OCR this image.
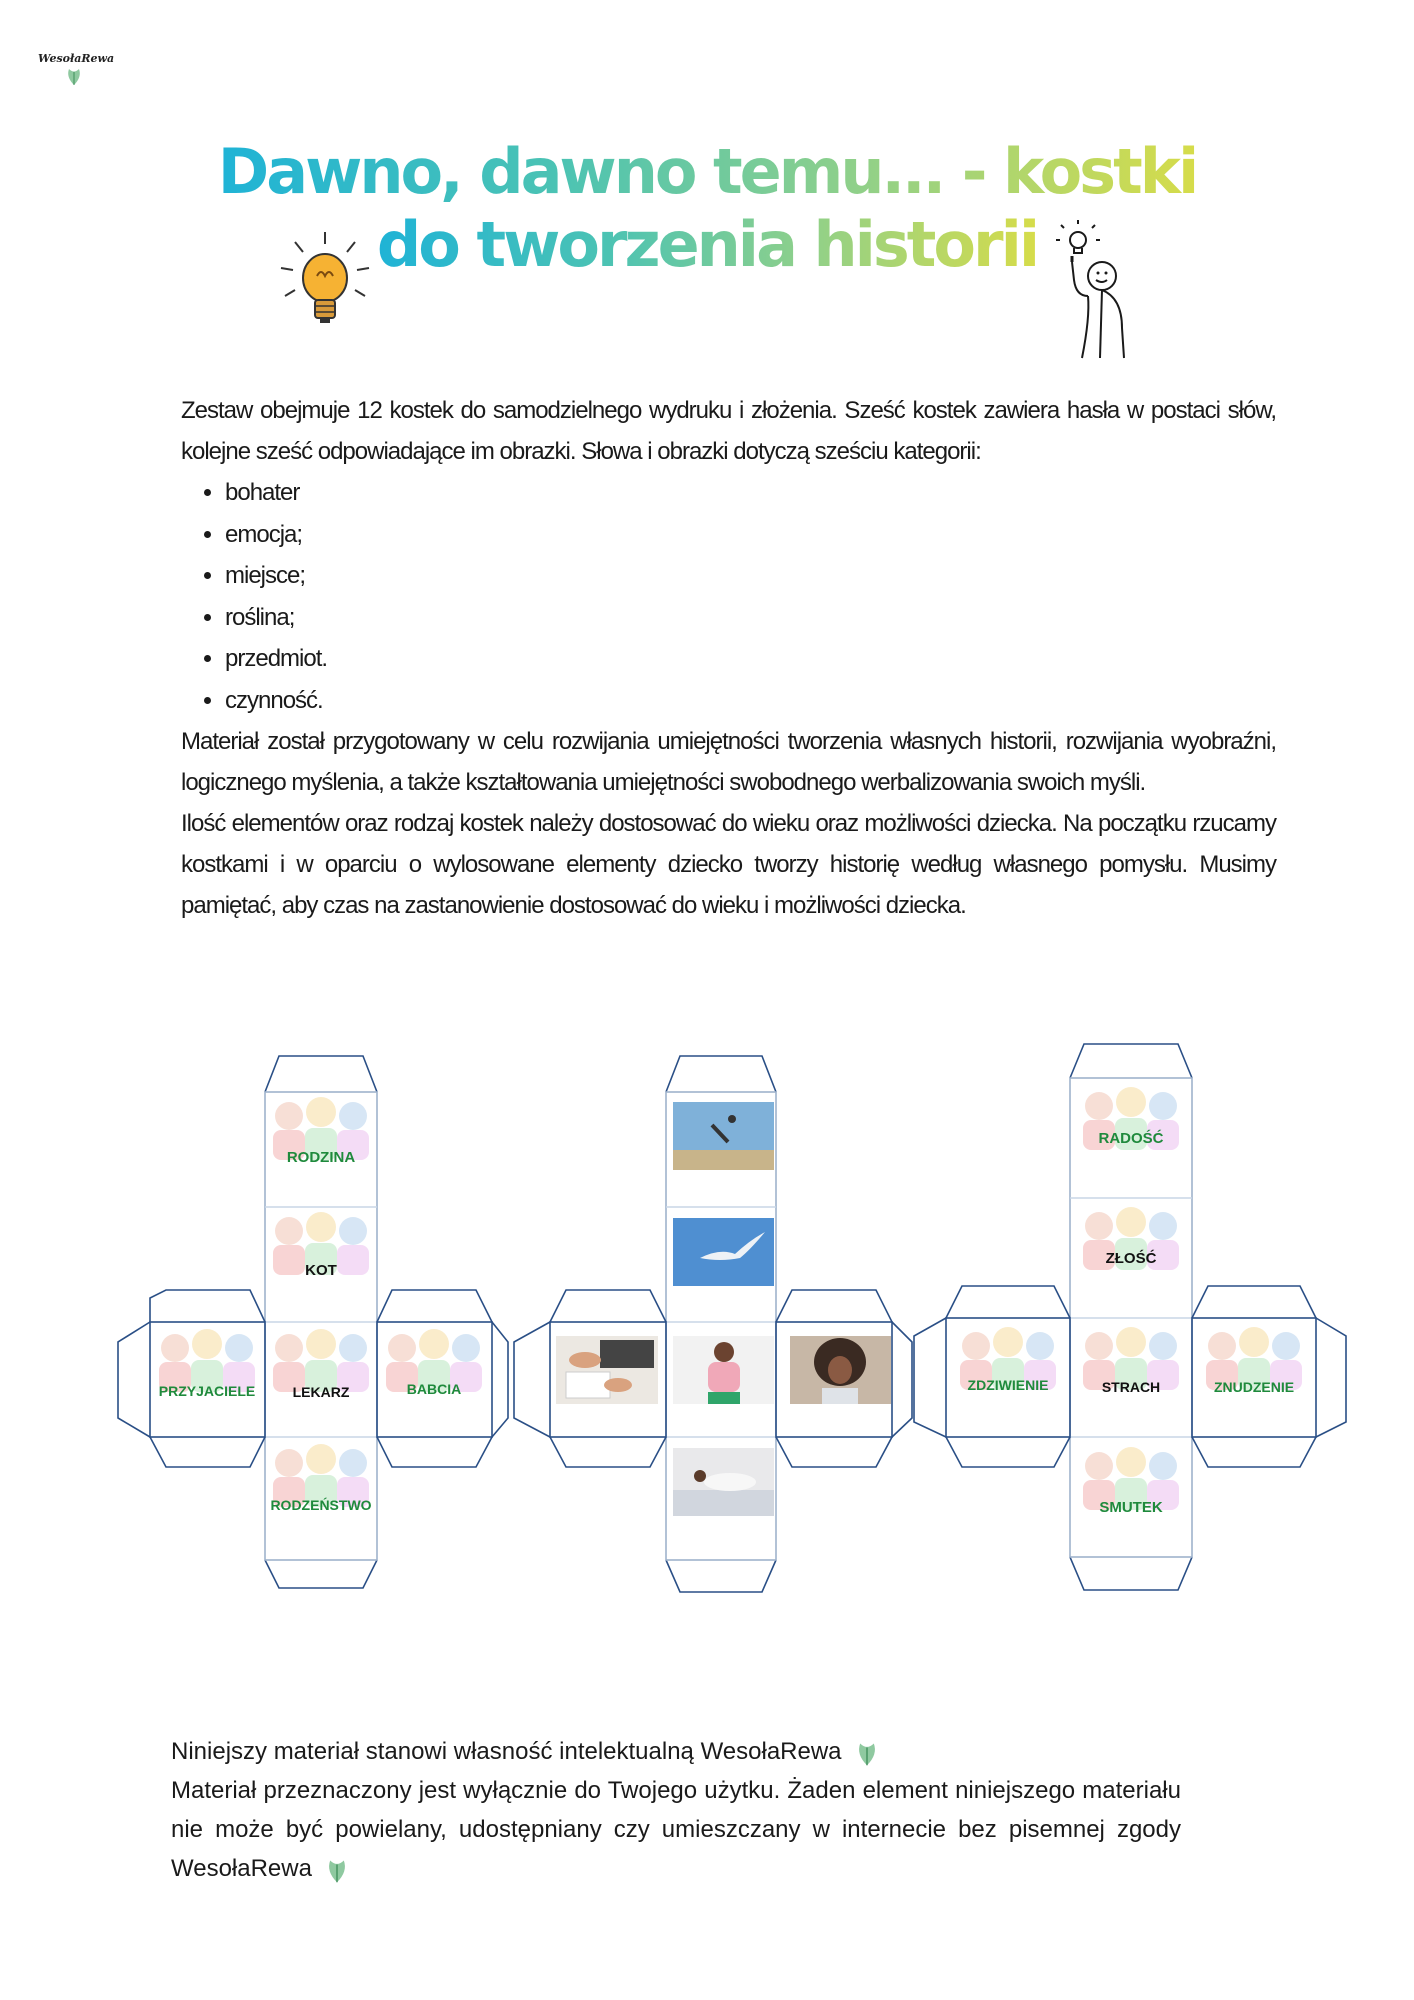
WesołaRewa
Dawno, dawno temu... - kostki
do tworzenia historii

Zestaw obejmuje 12 kostek do samodzielnego wydruku i złożenia. Sześć kostek zawiera hasła w postaci słów, kolejne sześć odpowiadające im obrazki. Słowa i obrazki dotyczą sześciu kategorii:

• bohater
• emocja;
• miejsce;
• roślina;
• przedmiot.
• czynność.

Materiał został przygotowany w celu rozwijania umiejętności tworzenia własnych historii, rozwijania wyobraźni, logicznego myślenia, a także kształtowania umiejętności swobodnego werbalizowania swoich myśli.

Ilość elementów oraz rodzaj kostek należy dostosować do wieku oraz możliwości dziecka. Na początku rzucamy kostkami i w oparciu o wylosowane elementy dziecko tworzy historię według własnego pomysłu. Musimy pamiętać, aby czas na zastanowienie dostosować do wieku i możliwości dziecka.

RODZINA
KOT
PRZYJACIELE	LEKARZ	BABCIA
RODZEŃSTWO
RADOŚĆ
ZŁOŚĆ
ZDZIWIENIE	STRACH	ZNUDZENIE
SMUTEK

Niniejszy materiał stanowi własność intelektualną WesołaRewa

Materiał przeznaczony jest wyłącznie do Twojego użytku. Żaden element niniejszego materiału nie może być powielany, udostępniany czy umieszczany w internecie bez pisemnej zgody WesołaRewa
